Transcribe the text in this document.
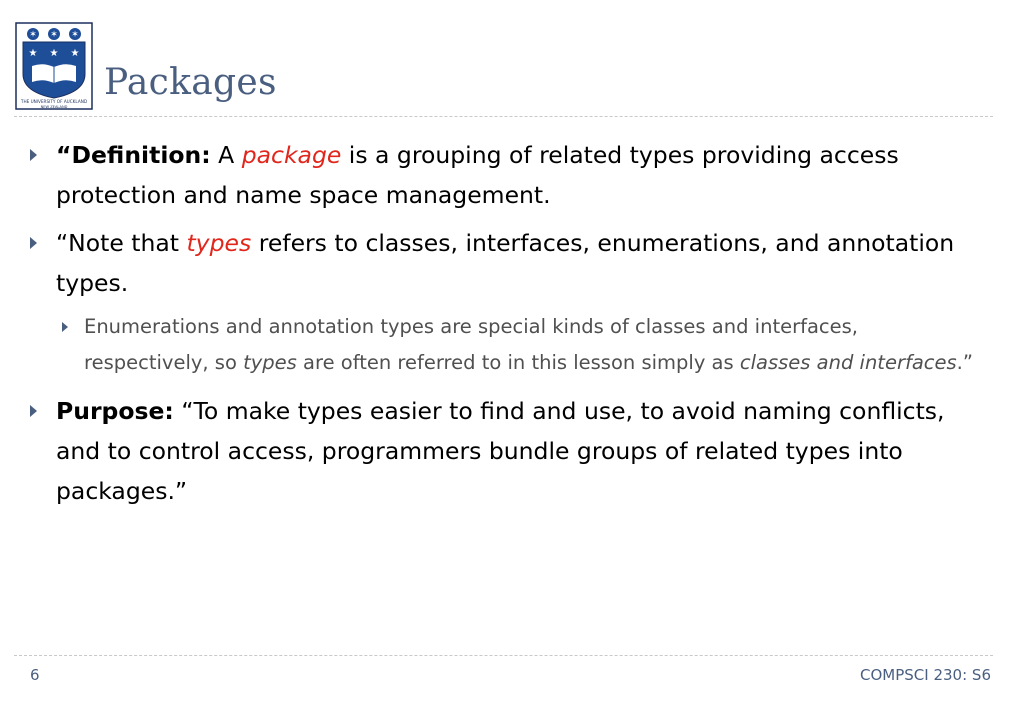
✶ ✶ ✶
★ ★ ★
THE UNIVERSITY OF AUCKLAND
NEW ZEALAND
Packages
“Definition: A package is a grouping of related types providing access protection and name space management.
“Note that types refers to classes, interfaces, enumerations, and annotation types.
Enumerations and annotation types are special kinds of classes and interfaces, respectively, so types are often referred to in this lesson simply as classes and interfaces.”
Purpose: “To make types easier to find and use, to avoid naming conflicts, and to control access, programmers bundle groups of related types into packages.”
6	COMPSCI 230: S6
